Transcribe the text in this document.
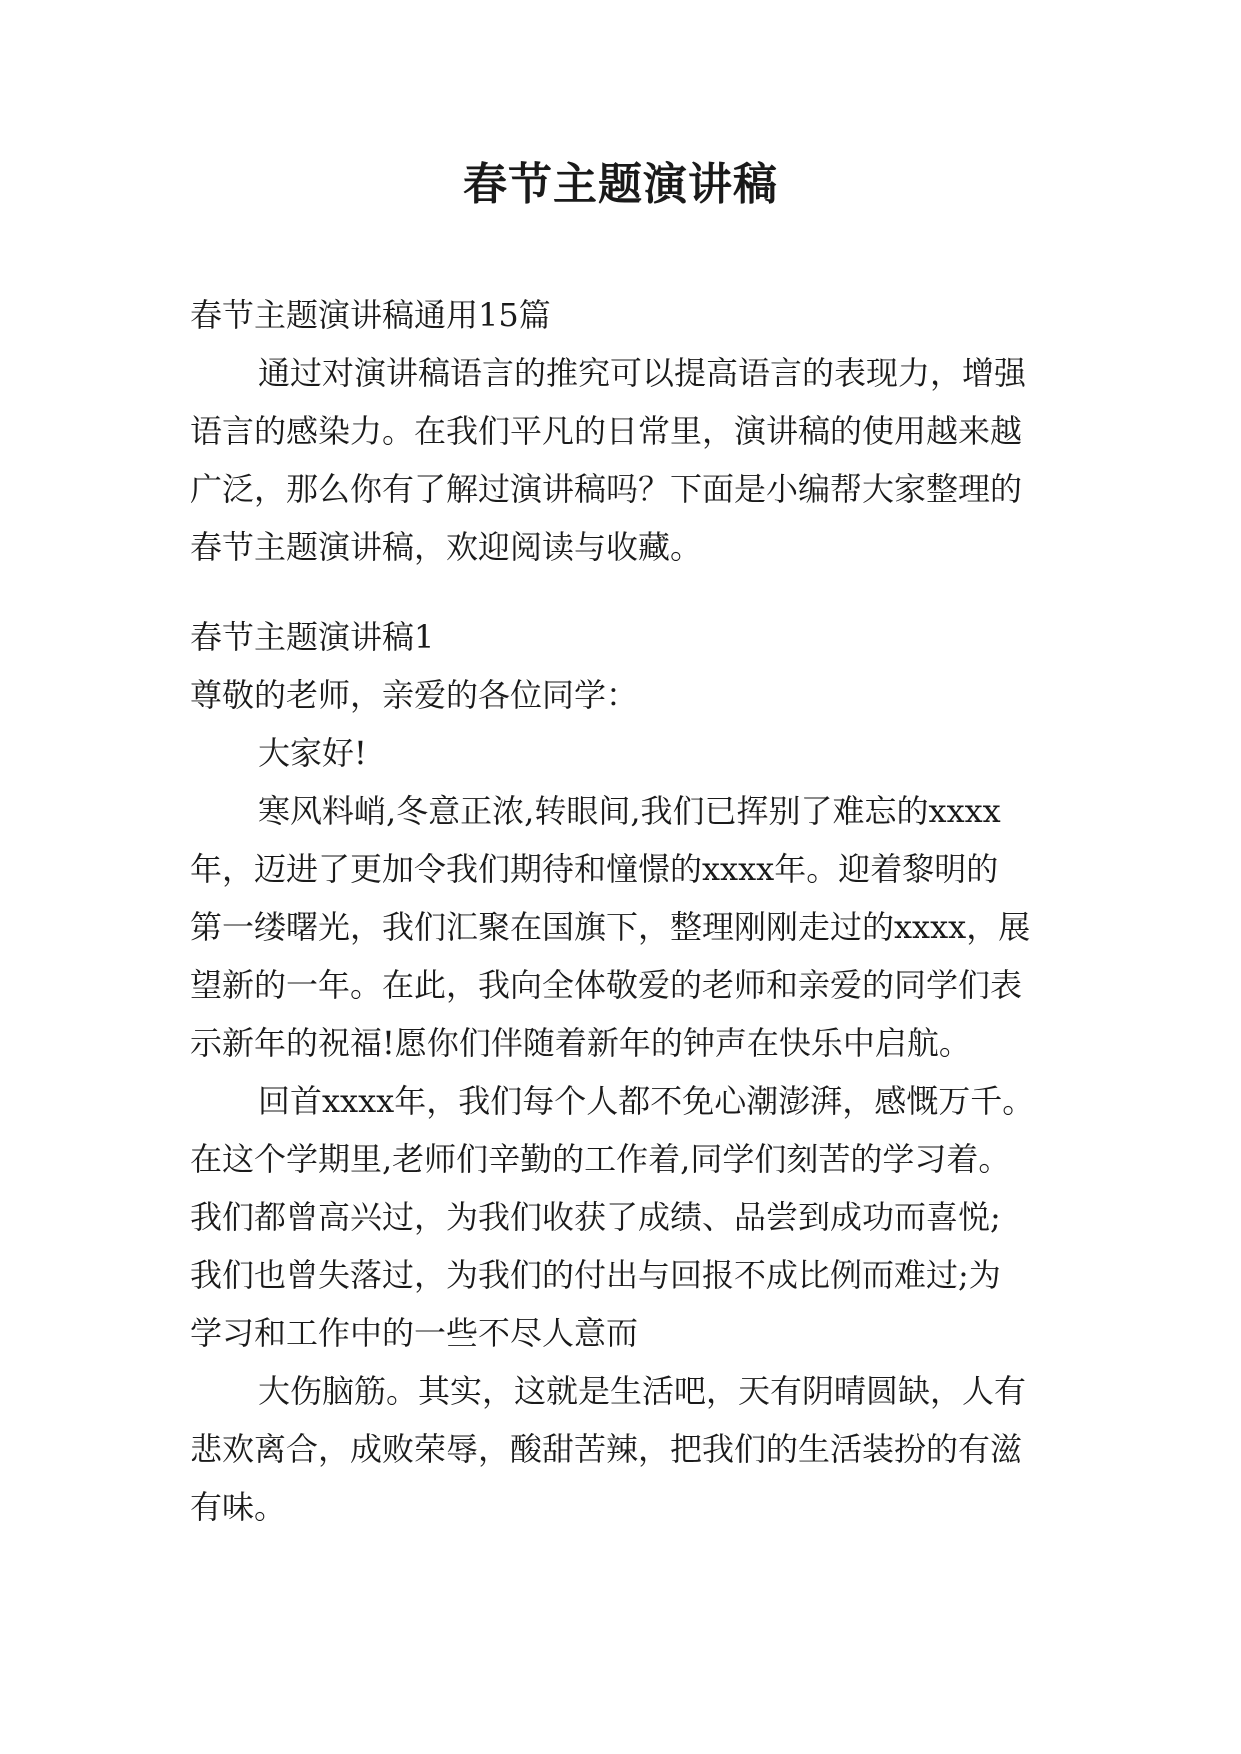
春节主题演讲稿
春节主题演讲稿通用15篇
通过对演讲稿语言的推究可以提高语言的表现力，增强
语言的感染力。在我们平凡的日常里，演讲稿的使用越来越
广泛，那么你有了解过演讲稿吗？下面是小编帮大家整理的
春节主题演讲稿，欢迎阅读与收藏。
春节主题演讲稿1
尊敬的老师，亲爱的各位同学：
大家好!
寒风料峭,冬意正浓,转眼间,我们已挥别了难忘的xxxx
年，迈进了更加令我们期待和憧憬的xxxx年。迎着黎明的
第一缕曙光，我们汇聚在国旗下，整理刚刚走过的xxxx，展
望新的一年。在此，我向全体敬爱的老师和亲爱的同学们表
示新年的祝福!愿你们伴随着新年的钟声在快乐中启航。
回首xxxx年，我们每个人都不免心潮澎湃，感慨万千。
在这个学期里,老师们辛勤的工作着,同学们刻苦的学习着。
我们都曾高兴过，为我们收获了成绩、品尝到成功而喜悦;
我们也曾失落过，为我们的付出与回报不成比例而难过;为
学习和工作中的一些不尽人意而
大伤脑筋。其实，这就是生活吧，天有阴晴圆缺，人有
悲欢离合，成败荣辱，酸甜苦辣，把我们的生活装扮的有滋
有味。
